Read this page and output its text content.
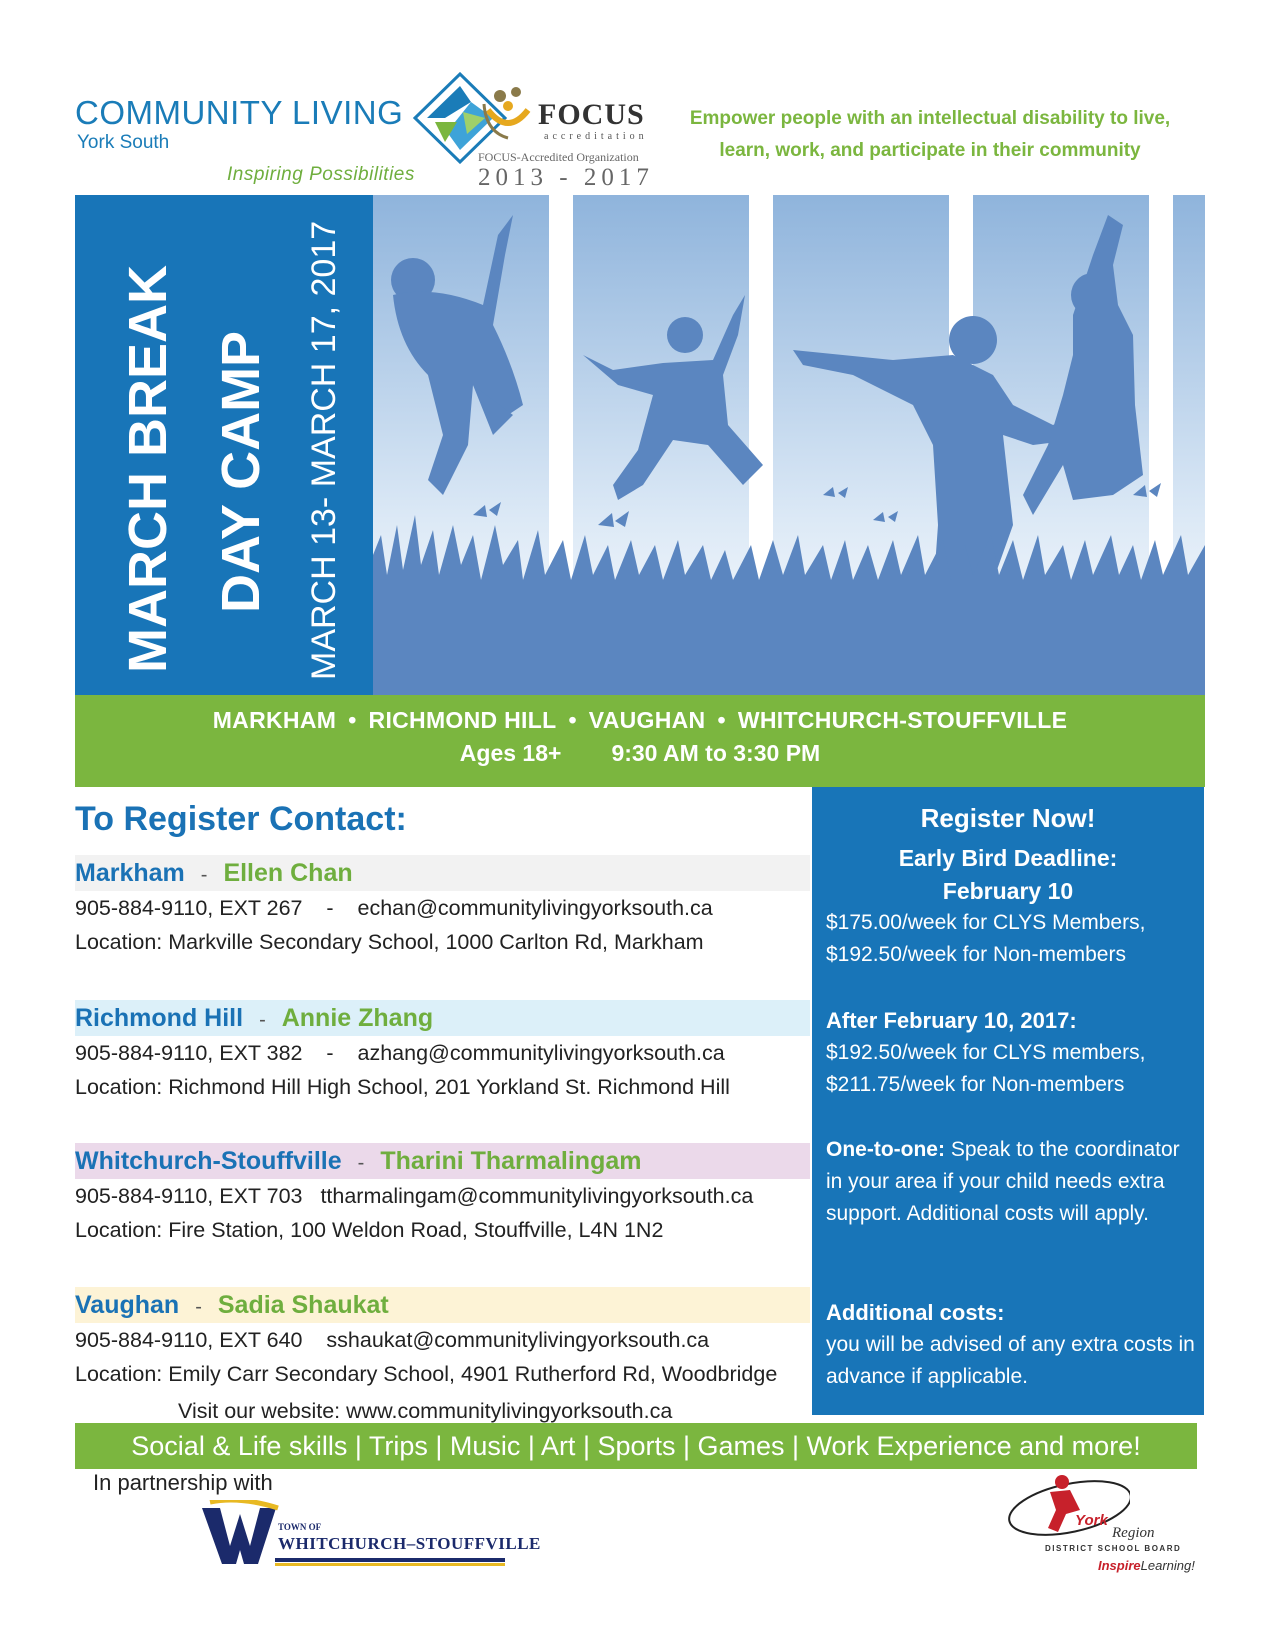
COMMUNITY LIVING
York South
Inspiring Possibilities
FOCUS
accreditation
FOCUS-Accredited Organization
2013 - 2017
Empower people with an intellectual disability to live,
learn, work, and participate in their community
MARCH BREAK DAY CAMP MARCH 13- MARCH 17, 2017
MARKHAM • RICHMOND HILL • VAUGHAN • WHITCHURCH-STOUFFVILLE
Ages 18+ 9:30 AM to 3:30 PM
To Register Contact:
Markham - Ellen Chan
905-884-9110, EXT 267 - echan@communitylivingyorksouth.ca
Location: Markville Secondary School, 1000 Carlton Rd, Markham
Richmond Hill - Annie Zhang
905-884-9110, EXT 382 - azhang@communitylivingyorksouth.ca
Location: Richmond Hill High School, 201 Yorkland St. Richmond Hill
Whitchurch-Stouffville - Tharini Tharmalingam
905-884-9110, EXT 703 ttharmalingam@communitylivingyorksouth.ca
Location: Fire Station, 100 Weldon Road, Stouffville, L4N 1N2
Vaughan - Sadia Shaukat
905-884-9110, EXT 640 sshaukat@communitylivingyorksouth.ca
Location: Emily Carr Secondary School, 4901 Rutherford Rd, Woodbridge
Visit our website: www.communitylivingyorksouth.ca
Register Now!
Early Bird Deadline:
February 10
$175.00/week for CLYS Members,
$192.50/week for Non-members
After February 10, 2017:
$192.50/week for CLYS members,
$211.75/week for Non-members
One-to-one: Speak to the coordinator in your area if your child needs extra support. Additional costs will apply.
Additional costs:
you will be advised of any extra costs in advance if applicable.
Social & Life skills | Trips | Music | Art | Sports | Games | Work Experience and more!
In partnership with
TOWN OF
WHITCHURCH–STOUFFVILLE
York
Region
DISTRICT SCHOOL BOARD
InspireLearning!
